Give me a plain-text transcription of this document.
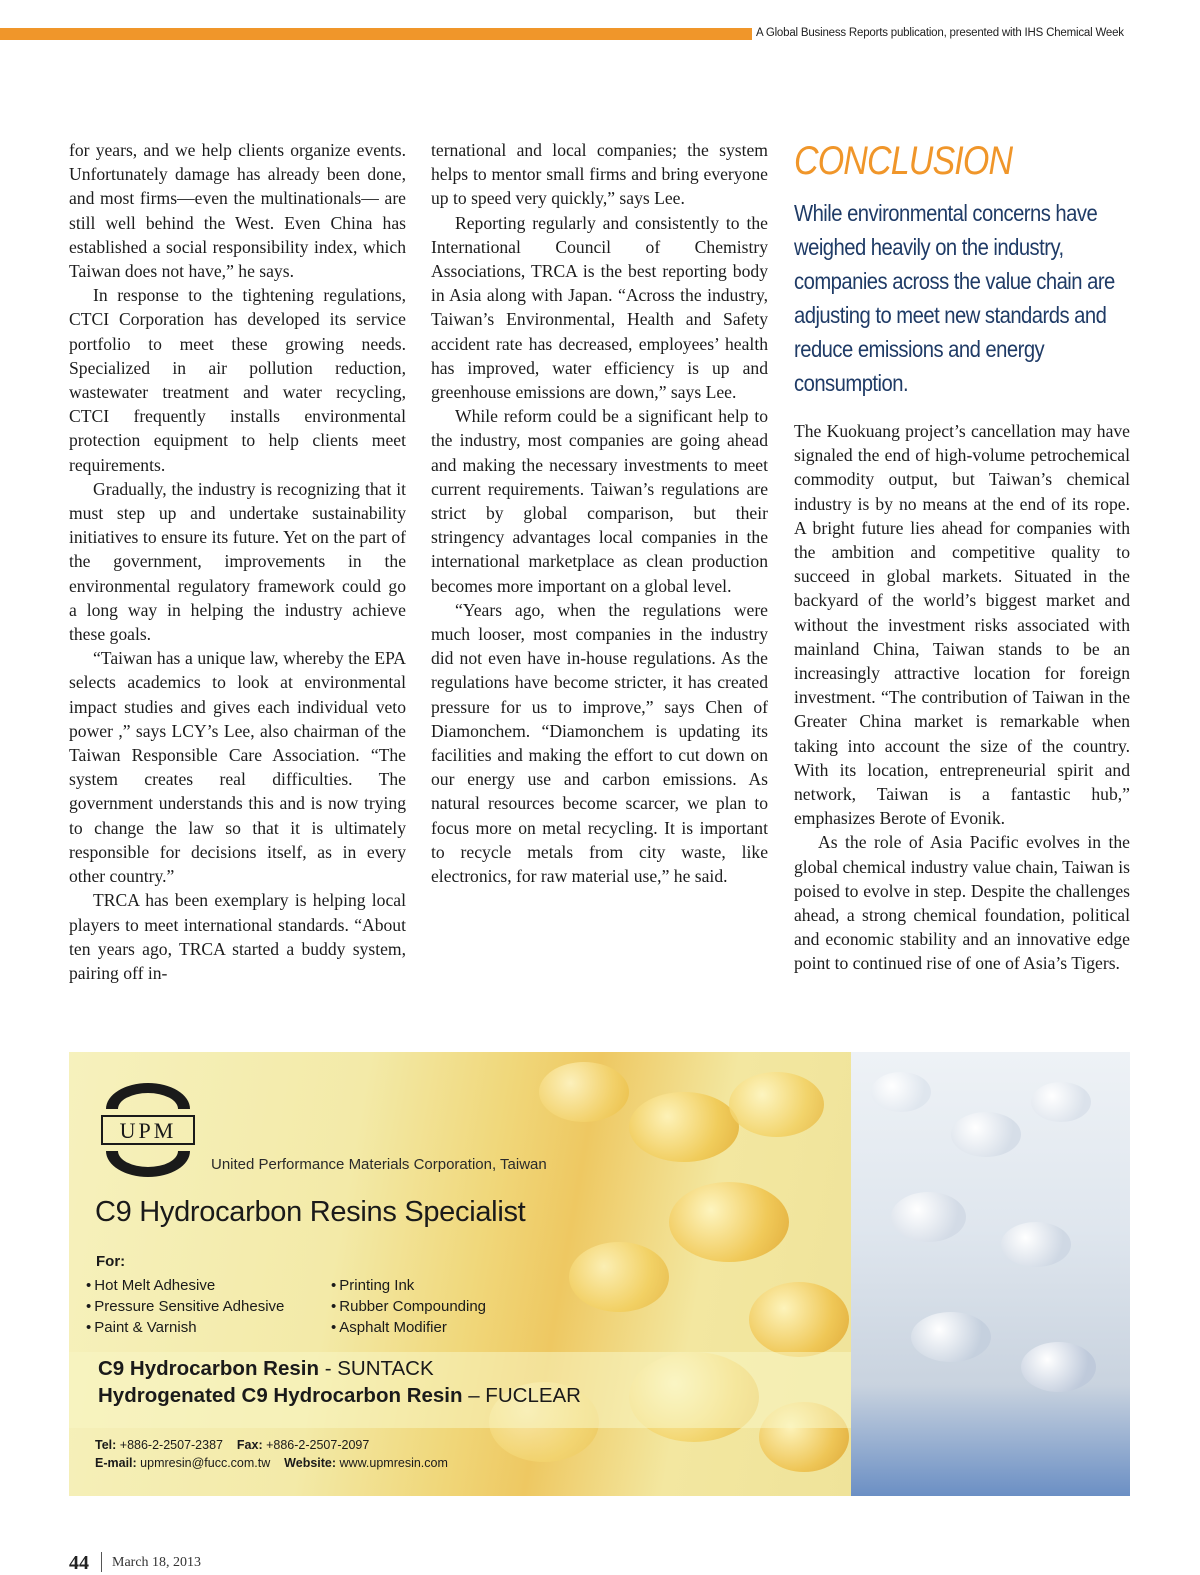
A Global Business Reports publication, presented with IHS Chemical Week

for years, and we help clients organize events. Unfortunately damage has already been done, and most firms—even the multinationals— are still well behind the West. Even China has established a social responsibility index, which Taiwan does not have,” he says.

In response to the tightening regulations, CTCI Corporation has developed its service portfolio to meet these growing needs. Specialized in air pollution reduction, wastewater treatment and water recycling, CTCI frequently installs environmental protection equipment to help clients meet requirements.

Gradually, the industry is recognizing that it must step up and undertake sustainability initiatives to ensure its future. Yet on the part of the government, improvements in the environmental regulatory framework could go a long way in helping the industry achieve these goals.

“Taiwan has a unique law, whereby the EPA selects academics to look at environmental impact studies and gives each individual veto power ,” says LCY’s Lee, also chairman of the Taiwan Responsible Care Association. “The system creates real difficulties. The government understands this and is now trying to change the law so that it is ultimately responsible for decisions itself, as in every other country.”

TRCA has been exemplary is helping local players to meet international standards. “About ten years ago, TRCA started a buddy system, pairing off in-

ternational and local companies; the system helps to mentor small firms and bring everyone up to speed very quickly,” says Lee.

Reporting regularly and consistently to the International Council of Chemistry Associations, TRCA is the best reporting body in Asia along with Japan. “Across the industry, Taiwan’s Environmental, Health and Safety accident rate has decreased, employees’ health has improved, water efficiency is up and greenhouse emissions are down,” says Lee.

While reform could be a significant help to the industry, most companies are going ahead and making the necessary investments to meet current requirements. Taiwan’s regulations are strict by global comparison, but their stringency advantages local companies in the international marketplace as clean production becomes more important on a global level.

“Years ago, when the regulations were much looser, most companies in the industry did not even have in-house regulations. As the regulations have become stricter, it has created pressure for us to improve,” says Chen of Diamonchem. “Diamonchem is updating its facilities and making the effort to cut down on our energy use and carbon emissions. As natural resources become scarcer, we plan to focus more on metal recycling. It is important to recycle metals from city waste, like electronics, for raw material use,” he said.

CONCLUSION
While environmental concerns have weighed heavily on the industry, companies across the value chain are adjusting to meet new standards and reduce emissions and energy consumption.

The Kuokuang project’s cancellation may have signaled the end of high-volume petrochemical commodity output, but Taiwan’s chemical industry is by no means at the end of its rope. A bright future lies ahead for companies with the ambition and competitive quality to succeed in global markets. Situated in the backyard of the world’s biggest market and without the investment risks associated with mainland China, Taiwan stands to be an increasingly attractive location for foreign investment. “The contribution of Taiwan in the Greater China market is remarkable when taking into account the size of the country. With its location, entrepreneurial spirit and network, Taiwan is a fantastic hub,” emphasizes Berote of Evonik.

As the role of Asia Pacific evolves in the global chemical industry value chain, Taiwan is poised to evolve in step. Despite the challenges ahead, a strong chemical foundation, political and economic stability and an innovative edge point to continued rise of one of Asia’s Tigers.

UPM
United Performance Materials Corporation, Taiwan
C9 Hydrocarbon Resins Specialist
For:
• Hot Melt Adhesive
• Pressure Sensitive Adhesive
• Paint & Varnish
• Printing Ink
• Rubber Compounding
• Asphalt Modifier
C9 Hydrocarbon Resin - SUNTACK
Hydrogenated C9 Hydrocarbon Resin – FUCLEAR
Tel: +886-2-2507-2387 Fax: +886-2-2507-2097
E-mail: upmresin@fucc.com.tw Website: www.upmresin.com
44 March 18, 2013
